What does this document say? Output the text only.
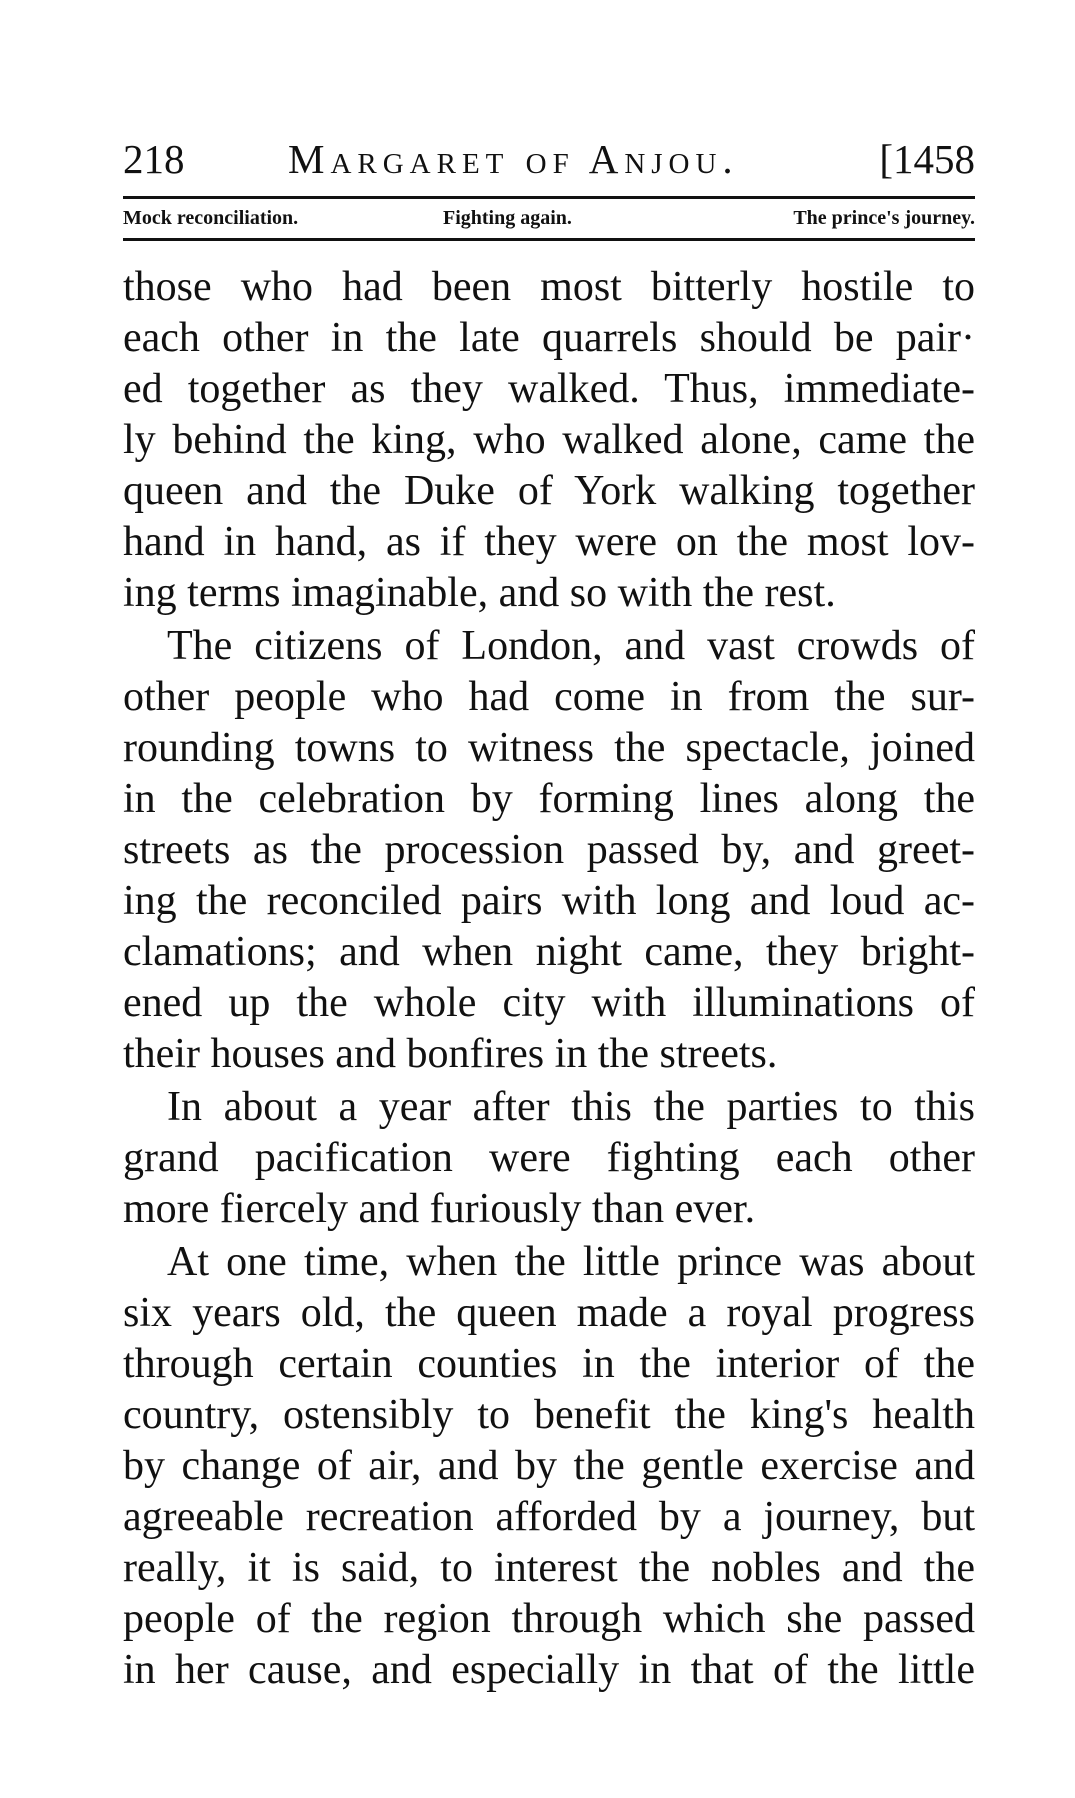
218	Margaret of Anjou.	[1458
Mock reconciliation.	Fighting again.	The prince's journey.
those who had been most bitterly hostile to
each other in the late quarrels should be pair·
ed together as they walked. Thus, immediate-
ly behind the king, who walked alone, came the
queen and the Duke of York walking together
hand in hand, as if they were on the most lov-
ing terms imaginable, and so with the rest.
The citizens of London, and vast crowds of
other people who had come in from the sur-
rounding towns to witness the spectacle, joined
in the celebration by forming lines along the
streets as the procession passed by, and greet-
ing the reconciled pairs with long and loud ac-
clamations; and when night came, they bright-
ened up the whole city with illuminations of
their houses and bonfires in the streets.
In about a year after this the parties to this
grand pacification were fighting each other
more fiercely and furiously than ever.
At one time, when the little prince was about
six years old, the queen made a royal progress
through certain counties in the interior of the
country, ostensibly to benefit the king's health
by change of air, and by the gentle exercise and
agreeable recreation afforded by a journey, but
really, it is said, to interest the nobles and the
people of the region through which she passed
in her cause, and especially in that of the little
